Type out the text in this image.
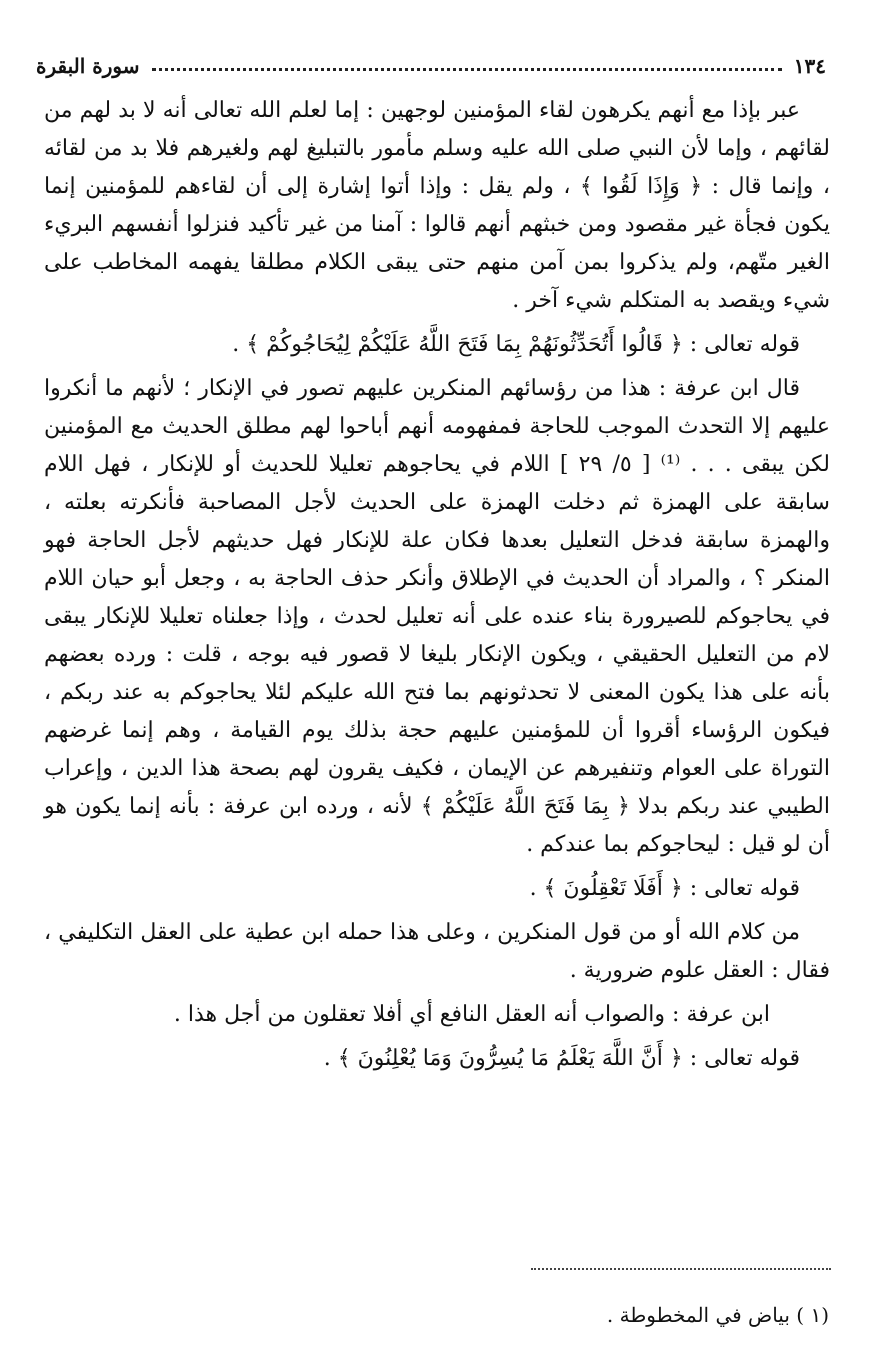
١٣٤
سورة البقرة

عبر بإذا مع أنهم يكرهون لقاء المؤمنين لوجهين : إما لعلم الله تعالى أنه لا بد لهم من لقائهم ، وإما لأن النبي صلى الله عليه وسلم مأمور بالتبليغ لهم ولغيرهم فلا بد من لقائه ، وإنما قال : ﴿ وَإِذَا لَقُوا ﴾ ، ولم يقل : وإذا أتوا إشارة إلى أن لقاءهم للمؤمنين إنما يكون فجأة غير مقصود ومن خبثهم أنهم قالوا : آمنا من غير تأكيد فنزلوا أنفسهم البريء الغير متّهم، ولم يذكروا بمن آمن منهم حتى يبقى الكلام مطلقا يفهمه المخاطب على شيء ويقصد به المتكلم شيء آخر .

قوله تعالى : ﴿ قَالُوا أَتُحَدِّثُونَهُمْ بِمَا فَتَحَ اللَّهُ عَلَيْكُمْ لِيُحَاجُوكُمْ ﴾ .

قال ابن عرفة : هذا من رؤسائهم المنكرين عليهم تصور في الإنكار ؛ لأنهم ما أنكروا عليهم إلا التحدث الموجب للحاجة فمفهومه أنهم أباحوا لهم مطلق الحديث مع المؤمنين لكن يبقى . . . ⁽¹⁾ [ ٥/ ٢٩ ] اللام في يحاجوهم تعليلا للحديث أو للإنكار ، فهل اللام سابقة على الهمزة ثم دخلت الهمزة على الحديث لأجل المصاحبة فأنكرته بعلته ، والهمزة سابقة فدخل التعليل بعدها فكان علة للإنكار فهل حديثهم لأجل الحاجة فهو المنكر ؟ ، والمراد أن الحديث في الإطلاق وأنكر حذف الحاجة به ، وجعل أبو حيان اللام في يحاجوكم للصيرورة بناء عنده على أنه تعليل لحدث ، وإذا جعلناه تعليلا للإنكار يبقى لام من التعليل الحقيقي ، ويكون الإنكار بليغا لا قصور فيه بوجه ، قلت : ورده بعضهم بأنه على هذا يكون المعنى لا تحدثونهم بما فتح الله عليكم لئلا يحاجوكم به عند ربكم ، فيكون الرؤساء أقروا أن للمؤمنين عليهم حجة بذلك يوم القيامة ، وهم إنما غرضهم التوراة على العوام وتنفيرهم عن الإيمان ، فكيف يقرون لهم بصحة هذا الدين ، وإعراب الطيبي عند ربكم بدلا ﴿ بِمَا فَتَحَ اللَّهُ عَلَيْكُمْ ﴾ لأنه ، ورده ابن عرفة : بأنه إنما يكون هو أن لو قيل : ليحاجوكم بما عندكم .

قوله تعالى : ﴿ أَفَلَا تَعْقِلُونَ ﴾ .

من كلام الله أو من قول المنكرين ، وعلى هذا حمله ابن عطية على العقل التكليفي ، فقال : العقل علوم ضرورية .

ابن عرفة : والصواب أنه العقل النافع أي أفلا تعقلون من أجل هذا .

قوله تعالى : ﴿ أَنَّ اللَّهَ يَعْلَمُ مَا يُسِرُّونَ وَمَا يُعْلِنُونَ ﴾ .

(١ ) بياض في المخطوطة .
